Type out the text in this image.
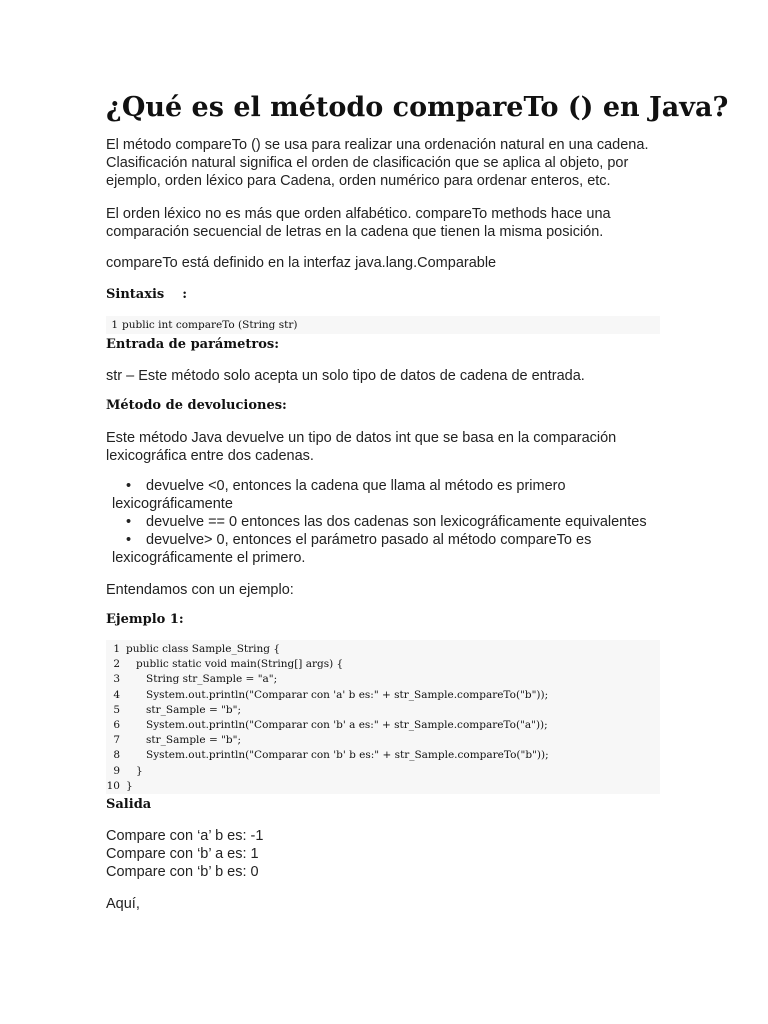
¿Qué es el método compareTo () en Java?

El método compareTo () se usa para realizar una ordenación natural en una cadena. Clasificación natural significa el orden de clasificación que se aplica al objeto, por ejemplo, orden léxico para Cadena, orden numérico para ordenar enteros, etc.

El orden léxico no es más que orden alfabético. compareTo methods hace una comparación secuencial de letras en la cadena que tienen la misma posición.

compareTo está definido en la interfaz java.lang.Comparable

Sintaxis :
1 public int compareTo (String str)
Entrada de parámetros:

str – Este método solo acepta un solo tipo de datos de cadena de entrada.

Método de devoluciones:

Este método Java devuelve un tipo de datos int que se basa en la comparación lexicográfica entre dos cadenas.

• devuelve <0, entonces la cadena que llama al método es primero lexicográficamente
• devuelve == 0 entonces las dos cadenas son lexicográficamente equivalentes
• devuelve> 0, entonces el parámetro pasado al método compareTo es lexicográficamente el primero.

Entendamos con un ejemplo:

Ejemplo 1:
1 public class Sample_String {
2   public static void main(String[] args) {
3      String str_Sample = "a";
4      System.out.println("Comparar con 'a' b es:" + str_Sample.compareTo("b"));
5      str_Sample = "b";
6      System.out.println("Comparar con 'b' a es:" + str_Sample.compareTo("a"));
7      str_Sample = "b";
8      System.out.println("Comparar con 'b' b es:" + str_Sample.compareTo("b"));
9   }
10 }
Salida
Compare con ‘a’ b es: -1
Compare con ‘b’ a es: 1
Compare con ‘b’ b es: 0

Aquí,
